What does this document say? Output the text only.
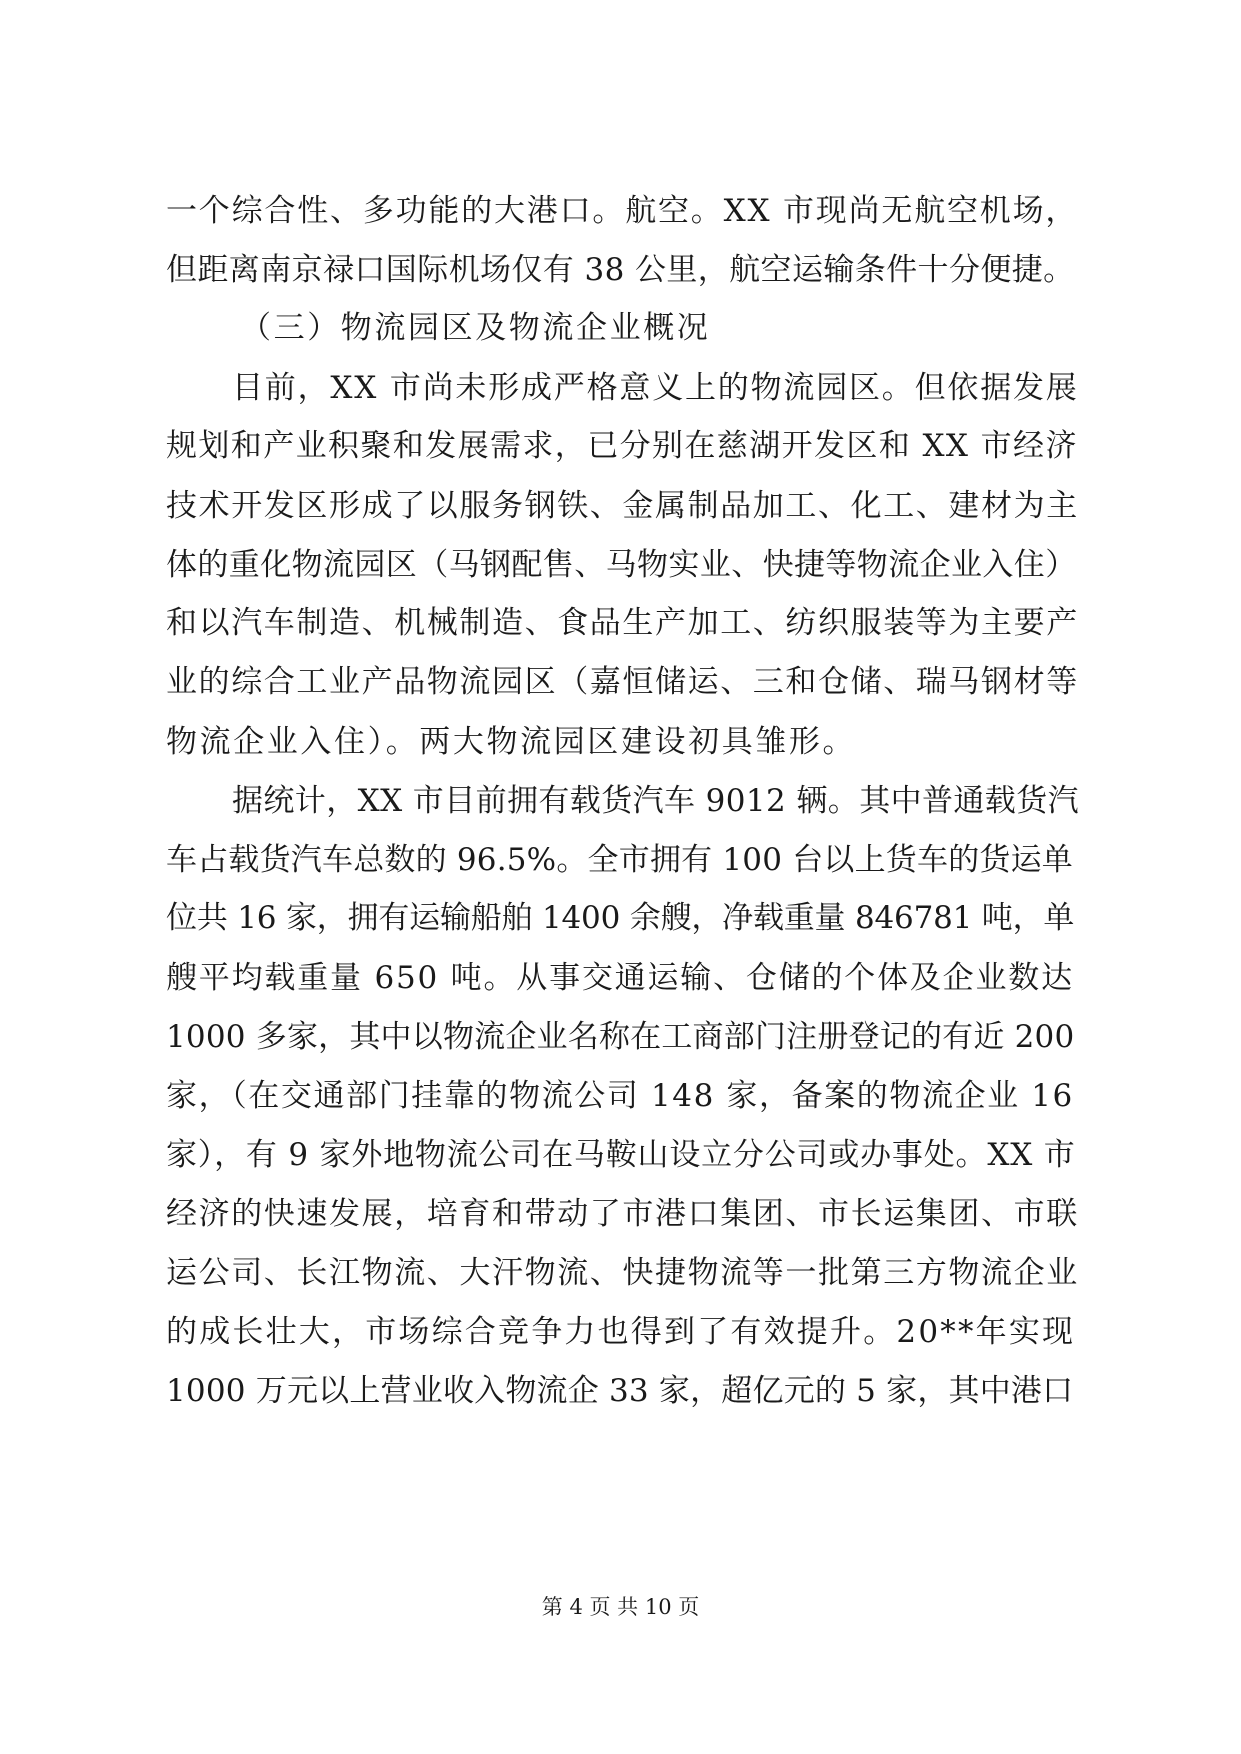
一个综合性、多功能的大港口。航空。XX 市现尚无航空机场，
但距离南京禄口国际机场仅有 38 公里，航空运输条件十分便捷。
（三）物流园区及物流企业概况
目前，XX 市尚未形成严格意义上的物流园区。但依据发展
规划和产业积聚和发展需求，已分别在慈湖开发区和 XX 市经济
技术开发区形成了以服务钢铁、金属制品加工、化工、建材为主
体的重化物流园区（马钢配售、马物实业、快捷等物流企业入住）
和以汽车制造、机械制造、食品生产加工、纺织服装等为主要产
业的综合工业产品物流园区（嘉恒储运、三和仓储、瑞马钢材等
物流企业入住）。两大物流园区建设初具雏形。
据统计，XX 市目前拥有载货汽车 9012 辆。其中普通载货汽
车占载货汽车总数的 96.5%。全市拥有 100 台以上货车的货运单
位共 16 家，拥有运输船舶 1400 余艘，净载重量 846781 吨，单
艘平均载重量 650 吨。从事交通运输、仓储的个体及企业数达
1000 多家，其中以物流企业名称在工商部门注册登记的有近 200
家，（在交通部门挂靠的物流公司 148 家，备案的物流企业 16
家），有 9 家外地物流公司在马鞍山设立分公司或办事处。XX 市
经济的快速发展，培育和带动了市港口集团、市长运集团、市联
运公司、长江物流、大汗物流、快捷物流等一批第三方物流企业
的成长壮大，市场综合竞争力也得到了有效提升。20**年实现
1000 万元以上营业收入物流企 33 家，超亿元的 5 家，其中港口
第 4 页 共 10 页
